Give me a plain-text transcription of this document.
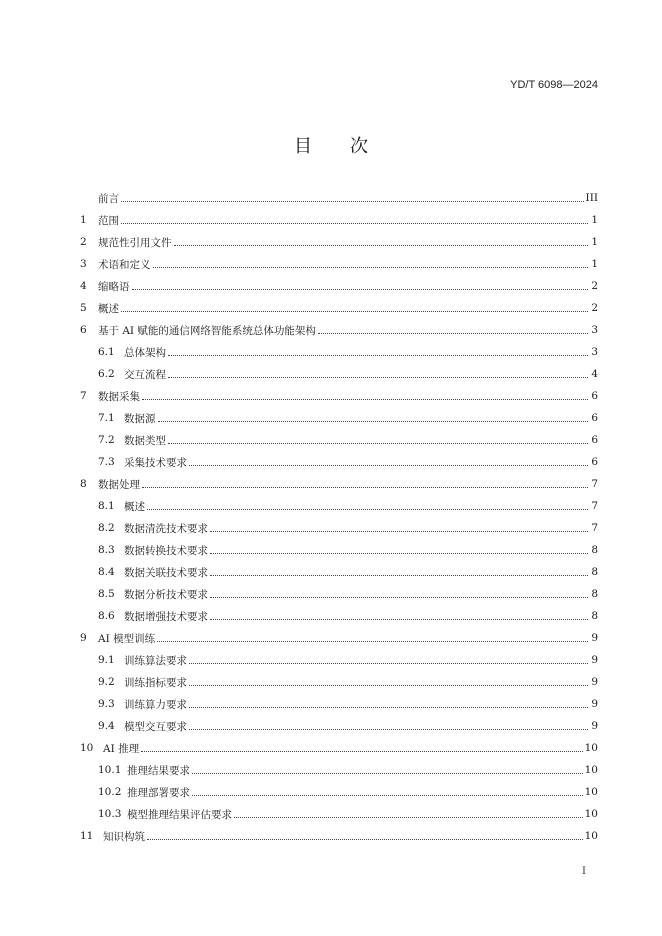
YD/T 6098—2024
目 次
前言	III
1	范围	1
2	规范性引用文件	1
3	术语和定义	1
4	缩略语	2
5	概述	2
6	基于 AI 赋能的通信网络智能系统总体功能架构	3
6.1 总体架构	3
6.2 交互流程	4
7	数据采集	6
7.1 数据源	6
7.2 数据类型	6
7.3 采集技术要求	6
8	数据处理	7
8.1 概述	7
8.2 数据清洗技术要求	7
8.3 数据转换技术要求	8
8.4 数据关联技术要求	8
8.5 数据分析技术要求	8
8.6 数据增强技术要求	8
9	AI 模型训练	9
9.1 训练算法要求	9
9.2 训练指标要求	9
9.3 训练算力要求	9
9.4 模型交互要求	9
10 AI 推理	10
10.1 推理结果要求	10
10.2 推理部署要求	10
10.3 模型推理结果评估要求	10
11 知识构筑	10
I
